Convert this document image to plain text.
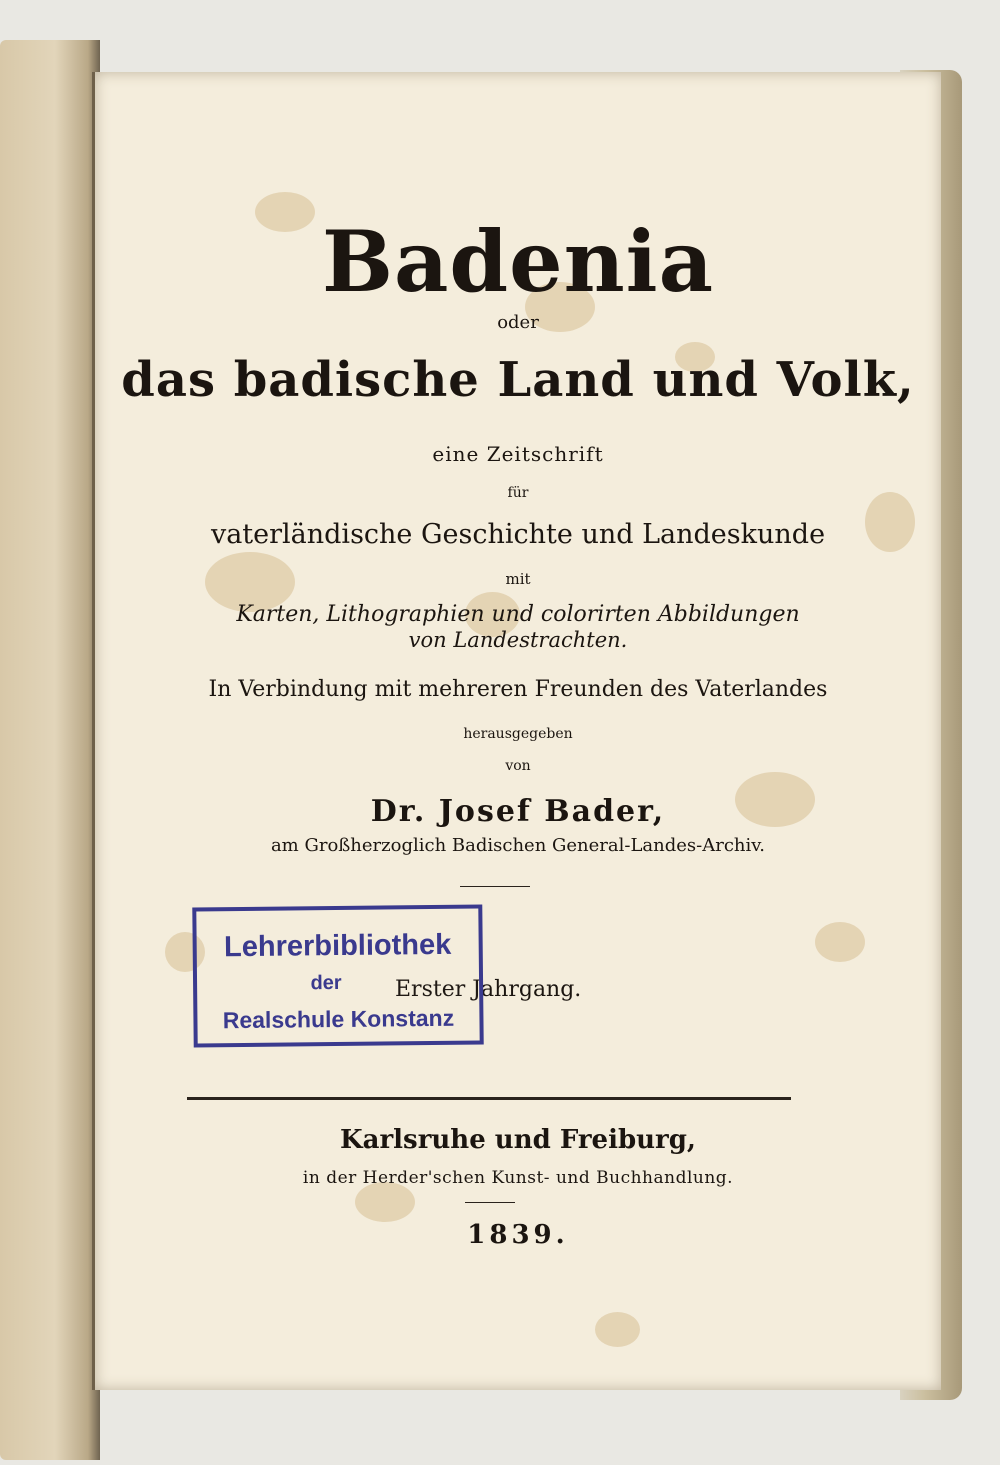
Badenia
oder
das badische Land und Volk,
eine Zeitschrift
für
vaterländische Geschichte und Landeskunde
mit
Karten, Lithographien und colorirten Abbildungen
von Landestrachten.
In Verbindung mit mehreren Freunden des Vaterlandes
herausgegeben
von
Dr. Josef Bader,
am Großherzoglich Badischen General-Landes-Archiv.
Erster Jahrgang.
Karlsruhe und Freiburg,
in der Herder'schen Kunst- und Buchhandlung.
1839.
Lehrerbibliothek
der
Realschule Konstanz
